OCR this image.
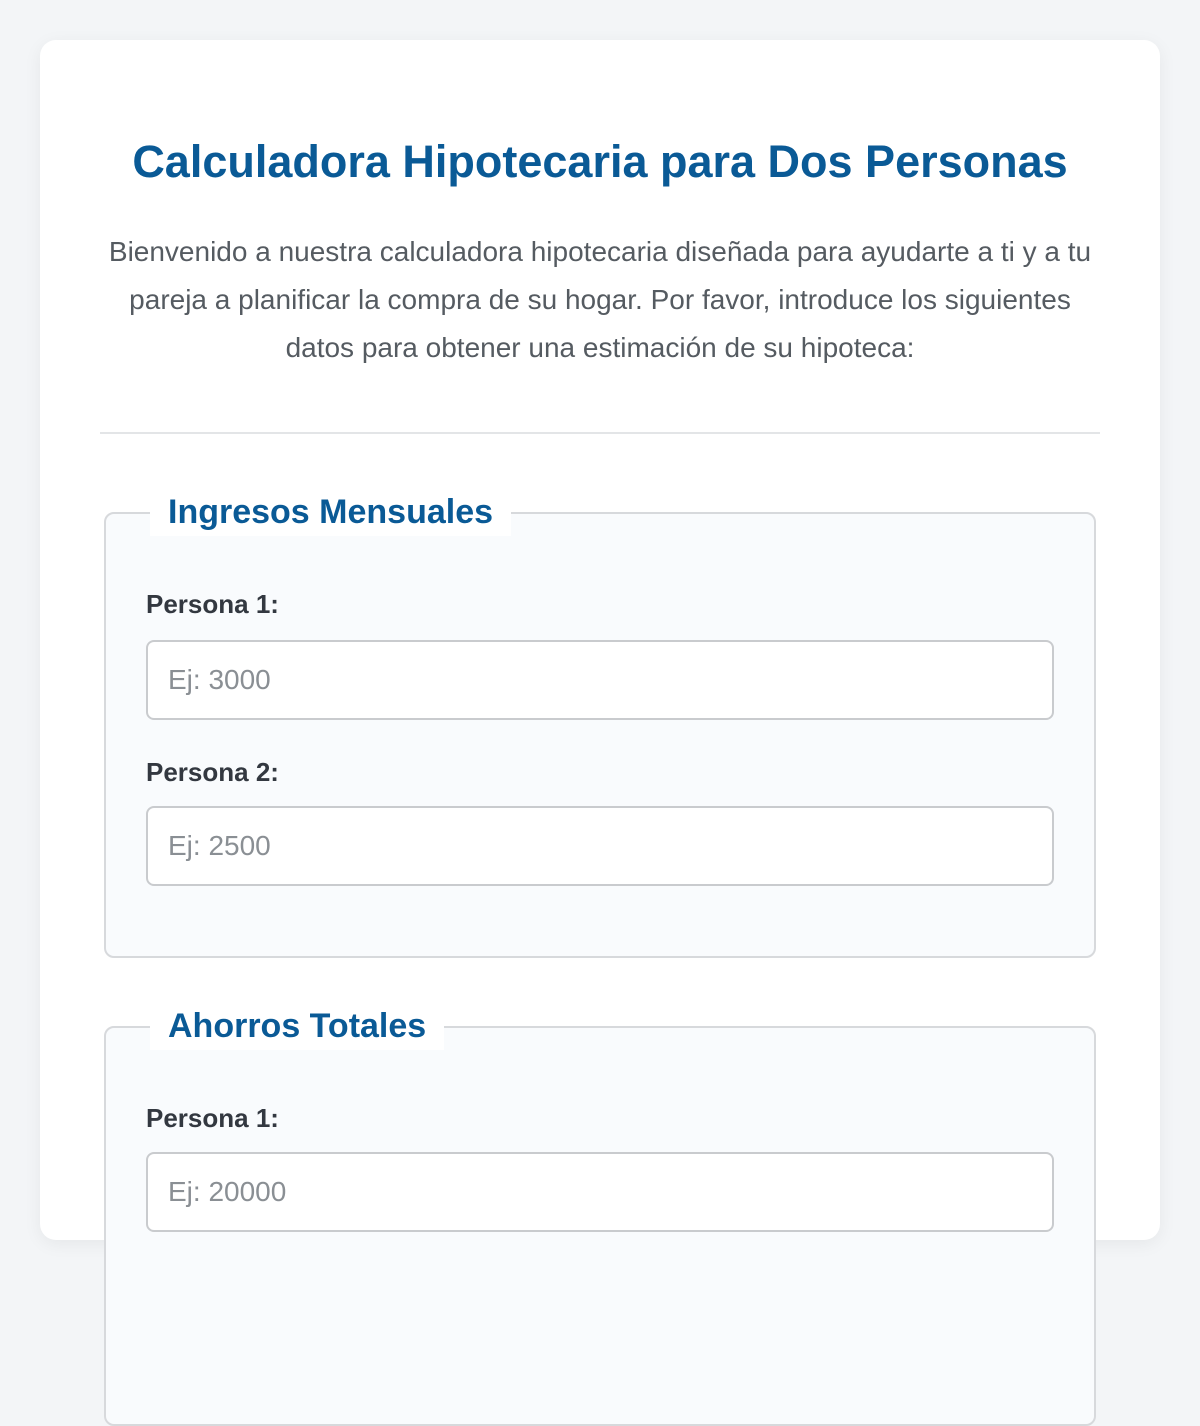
Calculadora Hipotecaria para Dos Personas

Bienvenido a nuestra calculadora hipotecaria diseñada para ayudarte a ti y a tu pareja a planificar la compra de su hogar. Por favor, introduce los siguientes datos para obtener una estimación de su hipoteca:

Ingresos Mensuales
Persona 1:
Ej: 3000
Persona 2:
Ej: 2500
Ahorros Totales
Persona 1:
Ej: 20000
